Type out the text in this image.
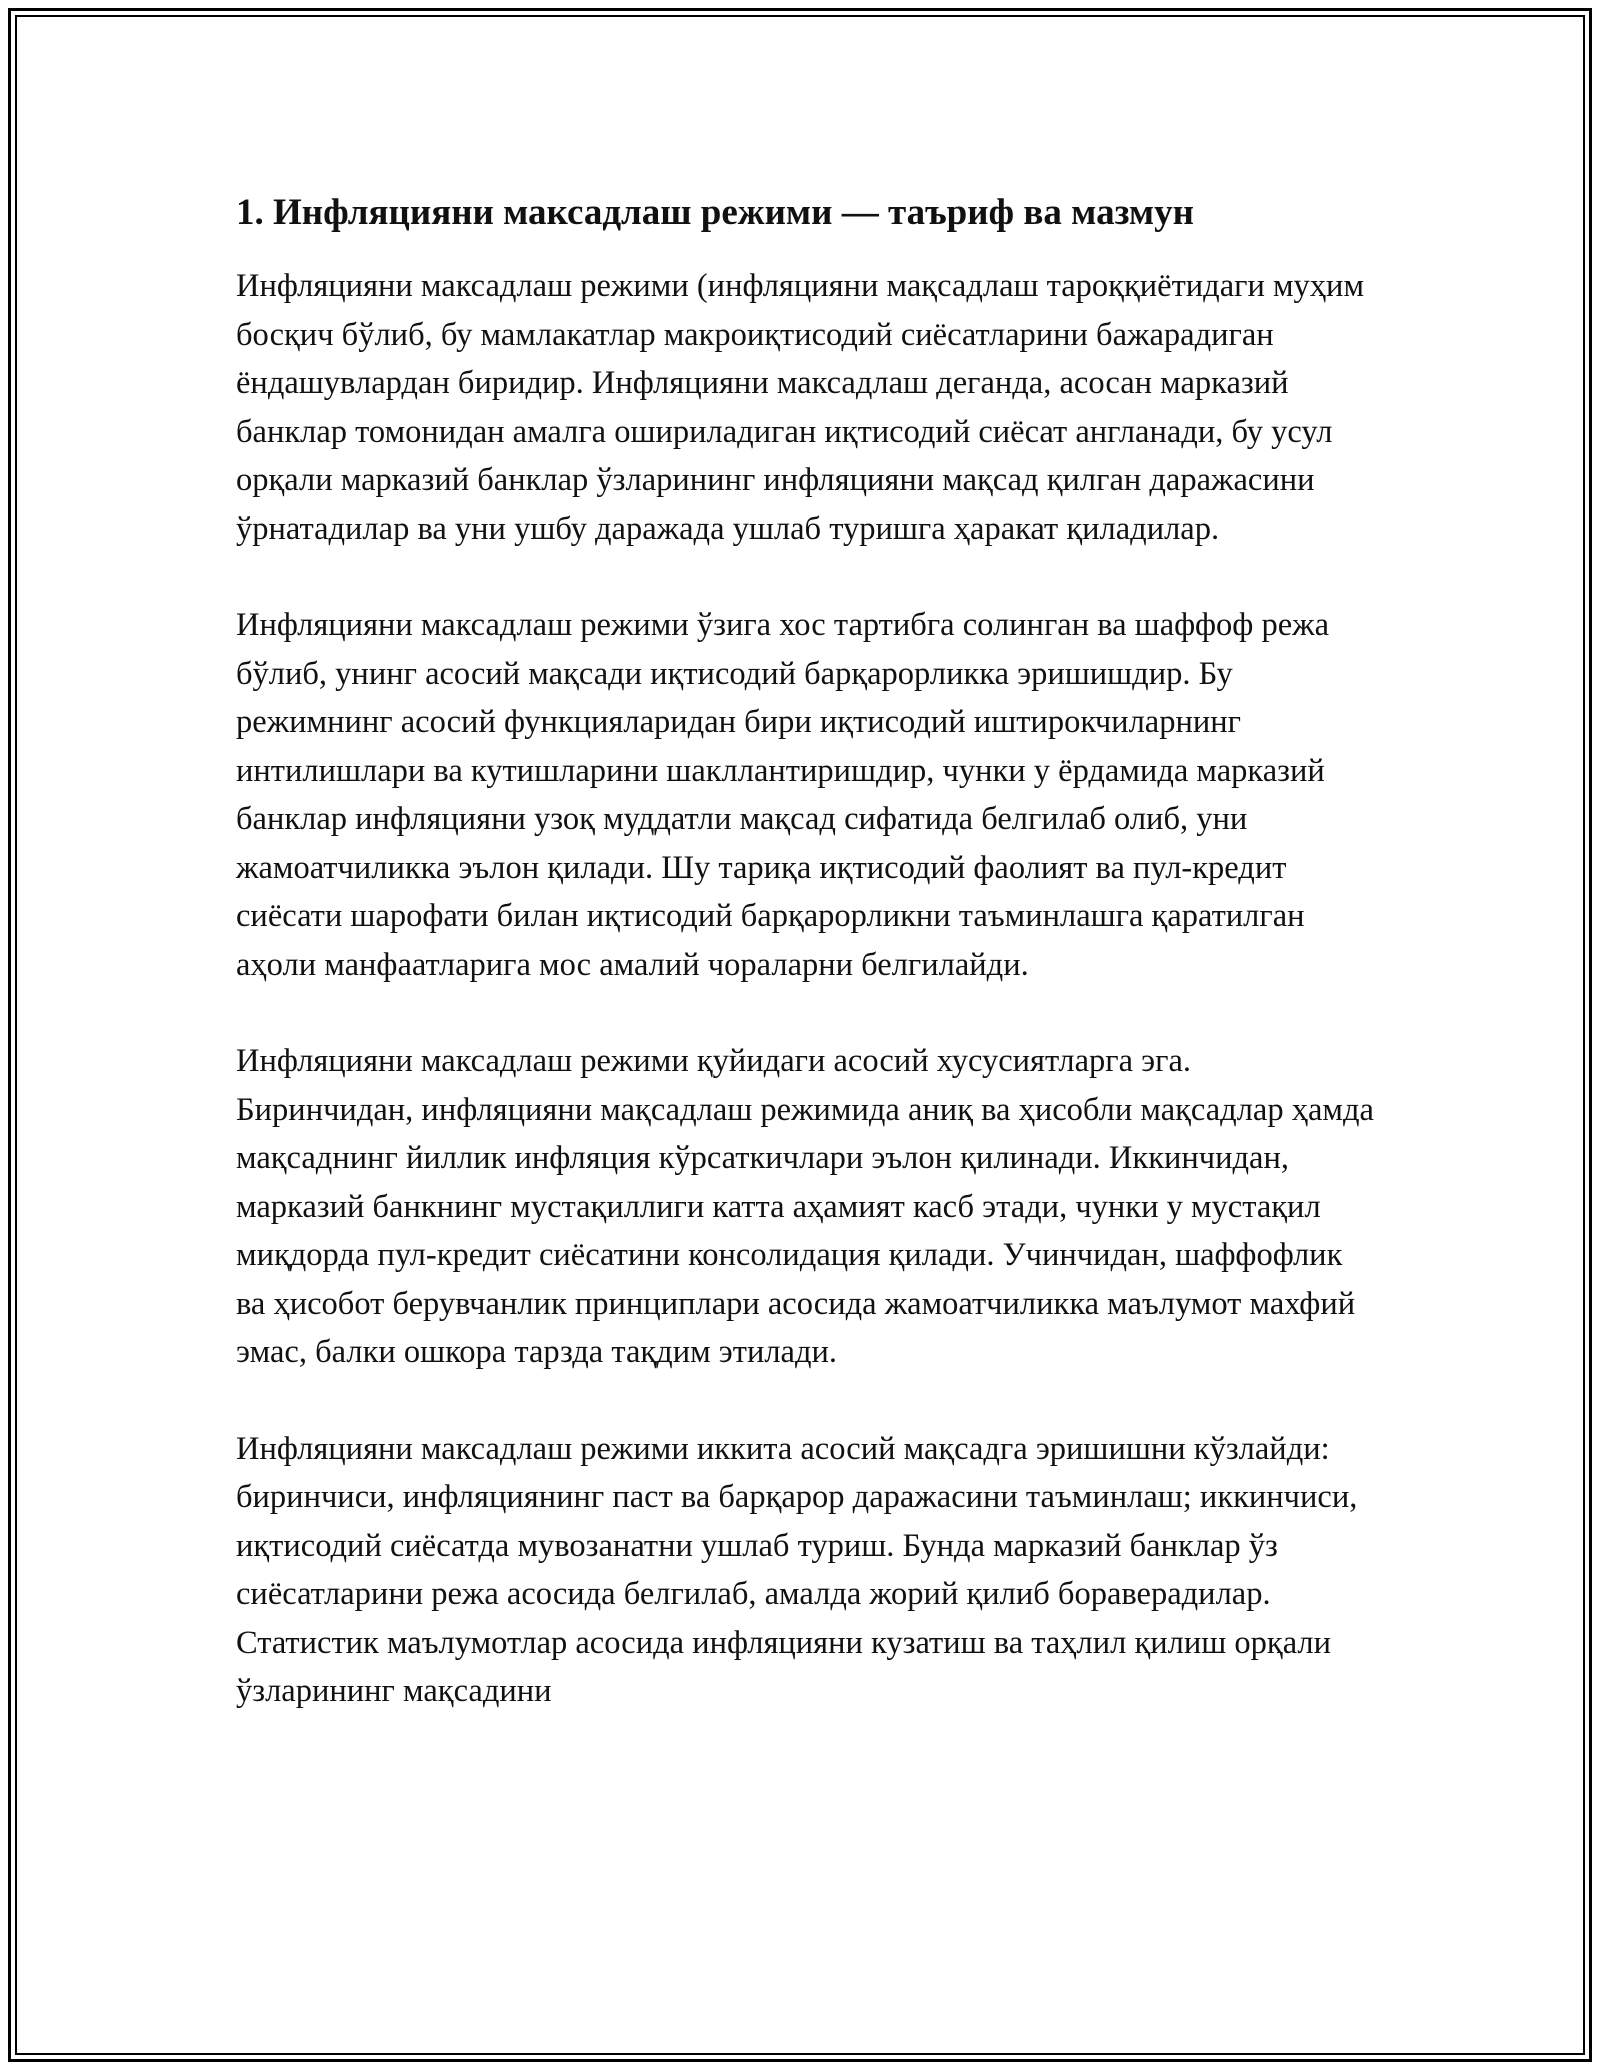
1. Инфляцияни максадлаш режими — таъриф ва мазмун

Инфляцияни максадлаш режими (инфляцияни мақсадлаш тароққиётидаги муҳим босқич бўлиб, бу мамлакатлар макроиқтисодий сиёсатларини бажарадиган ёндашувлардан биридир. Инфляцияни максадлаш деганда, асосан марказий банклар томонидан амалга ошириладиган иқтисодий сиёсат англанади, бу усул орқали марказий банклар ўзларининг инфляцияни мақсад қилган даражасини ўрнатадилар ва уни ушбу даражада ушлаб туришга ҳаракат қиладилар.

Инфляцияни максадлаш режими ўзига хос тартибга солинган ва шаффоф режа бўлиб, унинг асосий мақсади иқтисодий барқарорликка эришишдир. Бу режимнинг асосий функцияларидан бири иқтисодий иштирокчиларнинг интилишлари ва кутишларини шакллантиришдир, чунки у ёрдамида марказий банклар инфляцияни узоқ муддатли мақсад сифатида белгилаб олиб, уни жамоатчиликка эълон қилади. Шу тариқа иқтисодий фаолият ва пул-кредит сиёсати шарофати билан иқтисодий барқарорликни таъминлашга қаратилган аҳоли манфаатларига мос амалий чораларни белгилайди.

Инфляцияни максадлаш режими қуйидаги асосий хусусиятларга эга. Биринчидан, инфляцияни мақсадлаш режимида аниқ ва ҳисобли мақсадлар ҳамда мақсаднинг йиллик инфляция кўрсаткичлари эълон қилинади. Иккинчидан, марказий банкнинг мустақиллиги катта аҳамият касб этади, чунки у мустақил миқдорда пул-кредит сиёсатини консолидация қилади. Учинчидан, шаффофлик ва ҳисобот берувчанлик принциплари асосида жамоатчиликка маълумот махфий эмас, балки ошкора тарзда тақдим этилади.

Инфляцияни максадлаш режими иккита асосий мақсадга эришишни кўзлайди: биринчиси, инфляциянинг паст ва барқарор даражасини таъминлаш; иккинчиси, иқтисодий сиёсатда мувозанатни ушлаб туриш. Бунда марказий банклар ўз сиёсатларини режа асосида белгилаб, амалда жорий қилиб бораверадилар. Статистик маълумотлар асосида инфляцияни кузатиш ва таҳлил қилиш орқали ўзларининг мақсадини
